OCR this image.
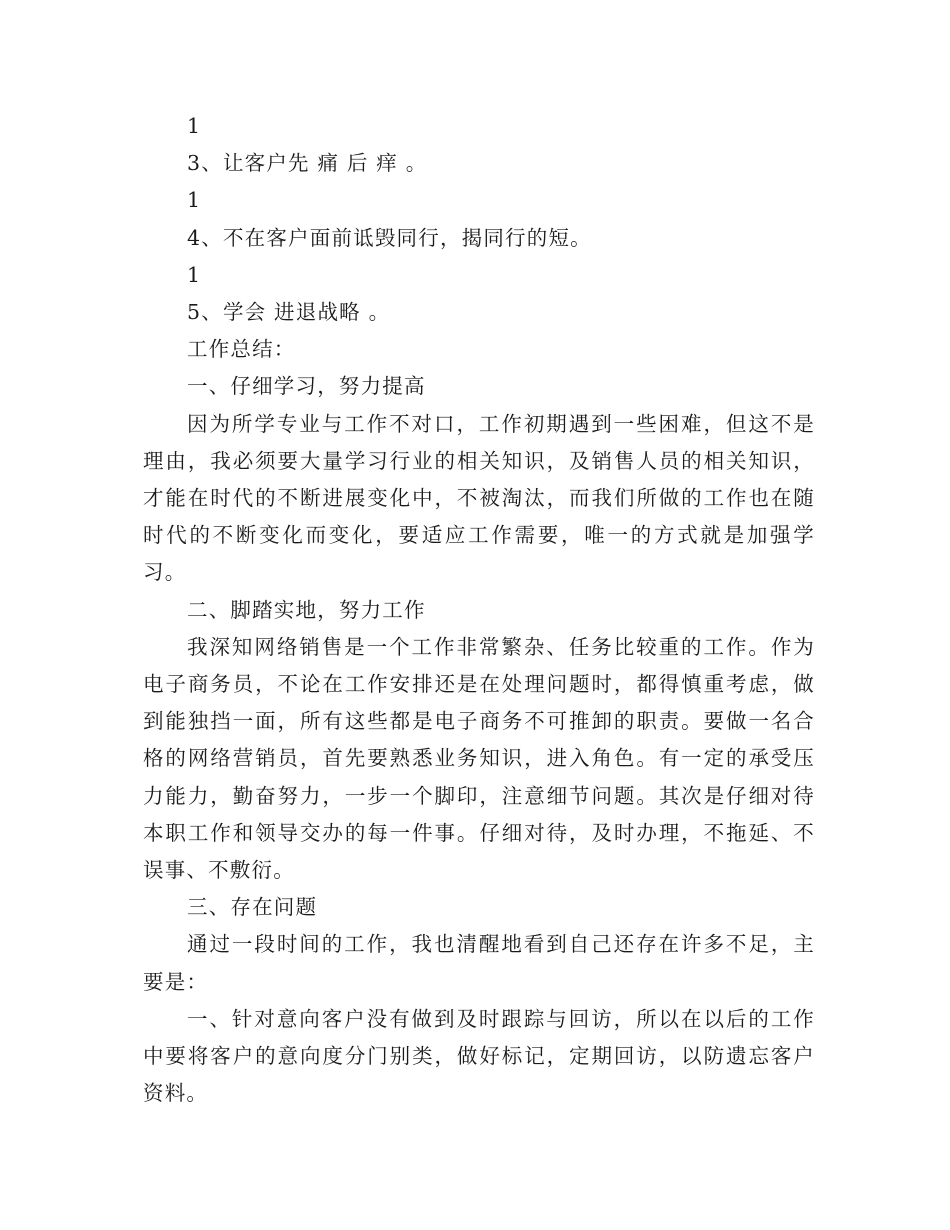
1

3、让客户先 痛 后 痒 。

1

4、不在客户面前诋毁同行，揭同行的短。

1

5、学会 进退战略 。

工作总结：

一、仔细学习，努力提高

因为所学专业与工作不对口，工作初期遇到一些困难，但这不是理由，我必须要大量学习行业的相关知识，及销售人员的相关知识，才能在时代的不断进展变化中，不被淘汰，而我们所做的工作也在随时代的不断变化而变化，要适应工作需要，唯一的方式就是加强学习。

二、脚踏实地，努力工作

我深知网络销售是一个工作非常繁杂、任务比较重的工作。作为电子商务员，不论在工作安排还是在处理问题时，都得慎重考虑，做到能独挡一面，所有这些都是电子商务不可推卸的职责。要做一名合格的网络营销员，首先要熟悉业务知识，进入角色。有一定的承受压力能力，勤奋努力，一步一个脚印，注意细节问题。其次是仔细对待本职工作和领导交办的每一件事。仔细对待，及时办理，不拖延、不误事、不敷衍。

三、存在问题

通过一段时间的工作，我也清醒地看到自己还存在许多不足，主要是：

一、针对意向客户没有做到及时跟踪与回访，所以在以后的工作中要将客户的意向度分门别类，做好标记，定期回访，以防遗忘客户资料。
